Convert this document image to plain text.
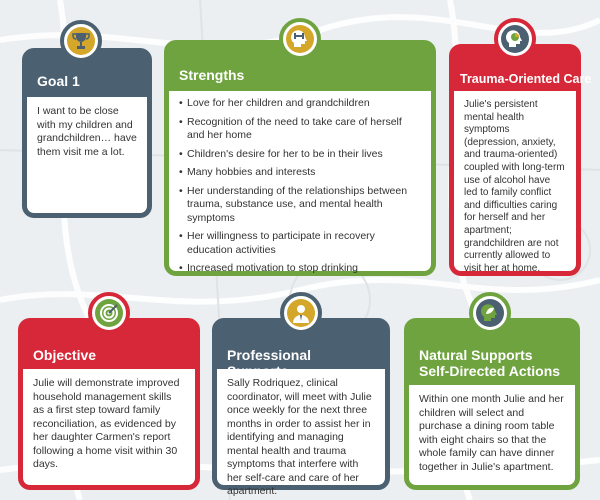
Goal 1
I want to be close with my children and grandchildren… have them visit me a lot.
Strengths
• Love for her children and grandchildren
• Recognition of the need to take care of herself and her home
• Children's desire for her to be in their lives
• Many hobbies and interests
• Her understanding of the relationships between trauma, substance use, and mental health symptoms
• Her willingness to participate in recovery education activities
• Increased motivation to stop drinking
Trauma-Oriented Care
Julie's persistent mental health symptoms (depression, anxiety, and trauma-oriented) coupled with long-term use of alcohol have led to family conflict and difficulties caring for herself and her apartment; grandchildren are not currently allowed to visit her at home.
Objective
Julie will demonstrate improved household management skills as a first step toward family reconciliation, as evidenced by her daughter Carmen's report following a home visit within 30 days.
Professional Supports
Sally Rodriquez, clinical coordinator, will meet with Julie once weekly for the next three months in order to assist her in identifying and managing mental health and trauma symptoms that interfere with her self-care and care of her apartment.
Natural Supports Self-Directed Actions
Within one month Julie and her children will select and purchase a dining room table with eight chairs so that the whole family can have dinner together in Julie's apartment.
